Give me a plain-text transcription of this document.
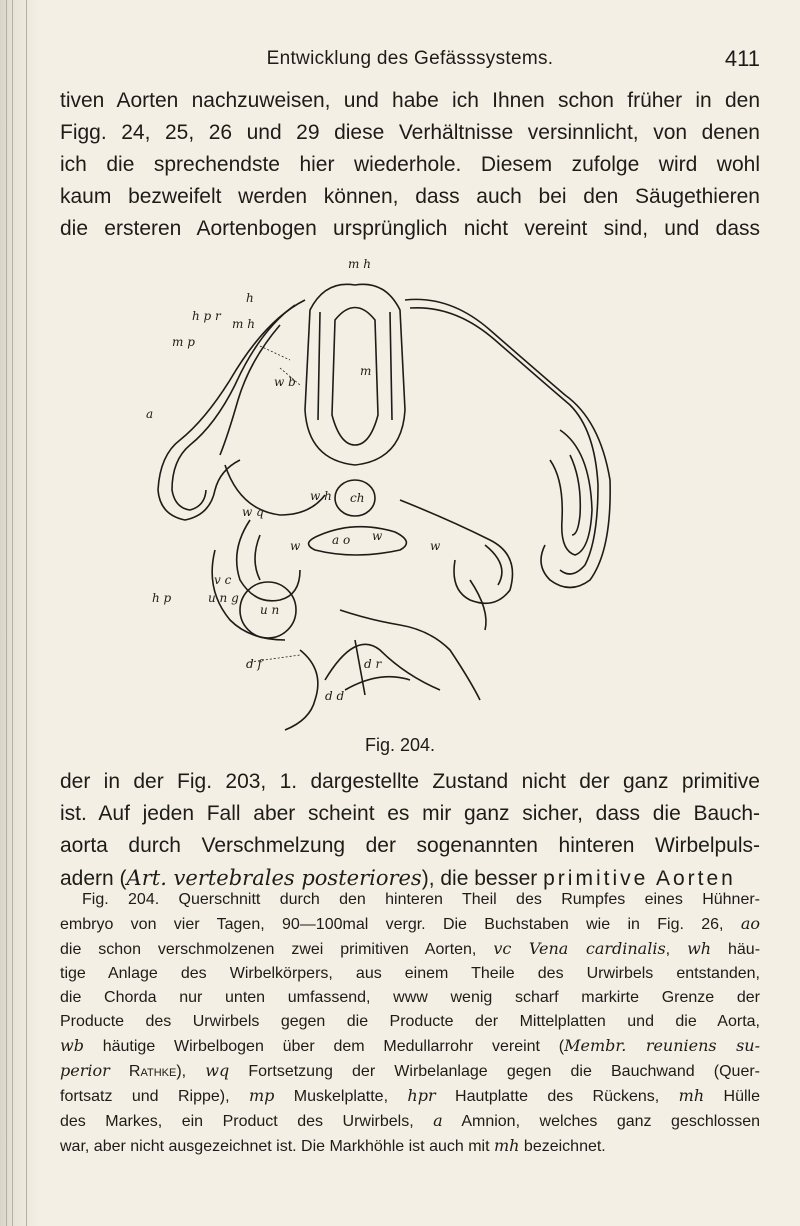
Entwicklung des Gefässsystems.	411
tiven Aorten nachzuweisen, und habe ich Ihnen schon früher in den
Figg. 24, 25, 26 und 29 diese Verhältnisse versinnlicht, von denen
ich die sprechendste hier wiederhole. Diesem zufolge wird wohl
kaum bezweifelt werden können, dass auch bei den Säugethieren
die ersteren Aortenbogen ursprünglich nicht vereint sind, und dass
m h
h
m h
h p r
m p
w b
m
a
w h ch
w q
w	a o w
w
v c
h p	u n g
u n
d f	d r
d d
Fig. 204.
der in der Fig. 203, 1. dargestellte Zustand nicht der ganz primitive
ist. Auf jeden Fall aber scheint es mir ganz sicher, dass die Bauch-
aorta durch Verschmelzung der sogenannten hinteren Wirbelpuls-
adern (Art. vertebrales posteriores), die besser primitive Aorten
Fig. 204. Querschnitt durch den hinteren Theil des Rumpfes eines Hühner-
embryo von vier Tagen, 90—100mal vergr. Die Buchstaben wie in Fig. 26, ao
die schon verschmolzenen zwei primitiven Aorten, vc Vena cardinalis, wh häu-
tige Anlage des Wirbelkörpers, aus einem Theile des Urwirbels entstanden,
die Chorda nur unten umfassend, www wenig scharf markirte Grenze der
Producte des Urwirbels gegen die Producte der Mittelplatten und die Aorta,
wb häutige Wirbelbogen über dem Medullarrohr vereint (Membr. reuniens su-
perior Rathke), wq Fortsetzung der Wirbelanlage gegen die Bauchwand (Quer-
fortsatz und Rippe), mp Muskelplatte, hpr Hautplatte des Rückens, mh Hülle
des Markes, ein Product des Urwirbels, a Amnion, welches ganz geschlossen
war, aber nicht ausgezeichnet ist. Die Markhöhle ist auch mit mh bezeichnet.
